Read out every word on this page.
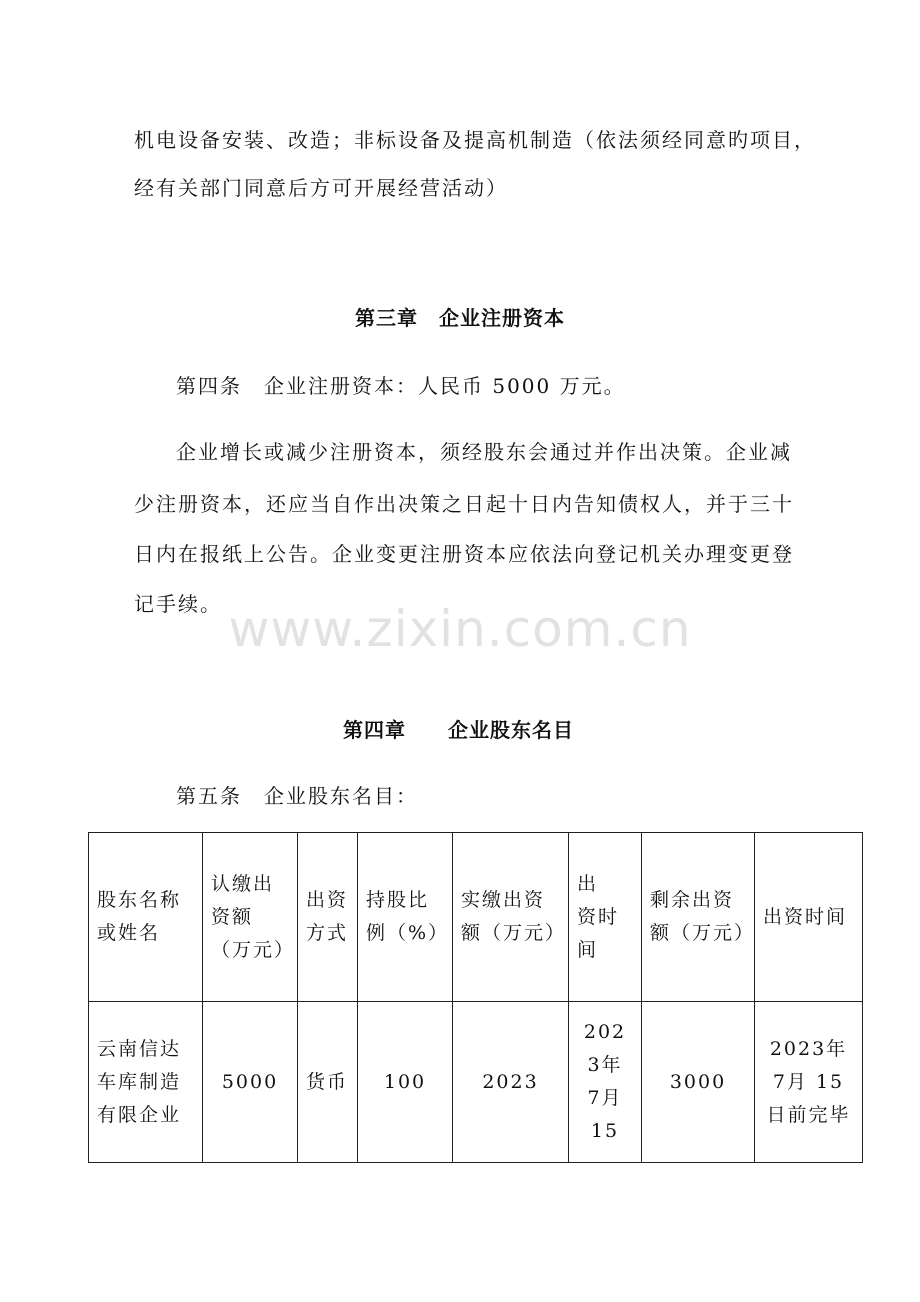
机电设备安装、改造；非标设备及提高机制造（依法须经同意旳项目，
经有关部门同意后方可开展经营活动）
第三章　企业注册资本
第四条　企业注册资本：人民币 5000 万元。
企业增长或减少注册资本，须经股东会通过并作出决策。企业减
少注册资本，还应当自作出决策之日起十日内告知债权人，并于三十
日内在报纸上公告。企业变更注册资本应依法向登记机关办理变更登
记手续。 www.zixin.com.cn
第四章　　企业股东名目
第五条　企业股东名目：
股东名称或姓名	认缴出资额（万元）	出资方式	持股比例（%）	实缴出资额（万元）	出　资时间	剩余出资额（万元）	出资时间
云南信达车库制造有限企业	5000	货币	100	2023	2023年 7月 15	3000	2023年 7月 15日前完毕
